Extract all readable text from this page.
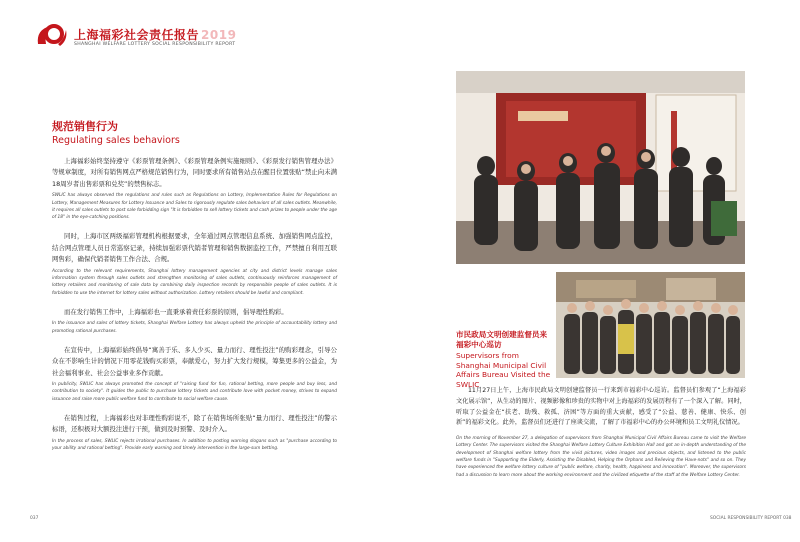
上海福彩社会责任报告 2019
SHANGHAI WELFARE LOTTERY SOCIAL RESPONSIBILITY REPORT
规范销售行为
Regulating sales behaviors

上海福彩始终坚持遵守《彩票管理条例》、《彩票管理条例实施细则》、《彩票发行销售管理办法》等规章制度，对所有销售网点严格规范销售行为，同时要求所有销售站点在醒目位置张贴“禁止向未满18周岁者出售彩票和兑奖”的禁售标志。

SWLIC has always observed the regulations and rules such as Regulations on Lottery, Implementation Rules for Regulations on Lottery, Management Measures for Lottery Issuance and Sales to rigorously regulate sales behaviors of all sales outlets. Meanwhile, it requires all sales outlets to post sale forbidding sign "It is forbidden to sell lottery tickets and cash prizes to people under the age of 18" in the eye-catching positions.

同时，上海市区两级福彩管理机构根据要求，全年通过网点管理信息系统、加强销售网点监控，结合网点管理人员日常巡察记录，持续加强彩票代销者管理和销售数据监控工作，严禁擅自利用互联网售彩，确保代销者销售工作合法、合规。

According to the relevant requirements, Shanghai lottery management agencies at city and district levels manage sales information system through sales outlets and strengthen monitoring of sales outlets, continuously reinforces management of lottery retailers and monitoring of sale data by combining daily inspection records by responsible people of sales outlets. It is forbidden to use the internet for lottery sales without authorization. Lottery retailers should be lawful and compliant.

而在发行销售工作中，上海福彩也一直秉承着责任彩票的原则，倡导理性购彩。

In the issuance and sales of lottery tickets, Shanghai Welfare Lottery has always upheld the principle of accountability lottery and promoting rational purchases.

在宣传中，上海福彩始终倡导“寓善于乐、多人少买、量力而行、理性投注”的购彩理念，引导公众在不影响生计的情况下用零花钱购买彩票，奉献爱心，努力扩大发行规模，筹集更多的公益金，为社会福利事业、社会公益事业多作贡献。

In publicity, SWLIC has always promoted the concept of "raising fund for fun, rational betting, more people and buy less, and contribution to society". It guides the public to purchase lottery tickets and contribute love with pocket money, strives to expand issuance and raise more public welfare fund to contribute to social welfare cause.

在销售过程，上海福彩也对非理性购彩说不，除了在销售场所张贴“量力而行、理性投注”的警示标语，还积极对大额投注进行干预，做到及时预警、及时介入。

In the process of sales, SWLIC rejects irrational purchases. In addition to posting warning slogans such as "purchase according to your ability and rational betting". Provide early warning and timely intervention in the large-sum betting.

市民政局文明创建监督员来福彩中心巡访
Supervisors from Shanghai Municipal Civil Affairs Bureau Visited the SWLIC

11月27日上午，上海市民政局文明创建监督员一行来到市福彩中心巡访。监督员们参观了“上海福彩文化展示馆”，从生动的图片、视频影像和珍贵的实物中对上海福彩的发展历程有了一个深入了解。同时，听取了公益金在“扶老、助残、救孤、济困”等方面的重大贡献，感受了“公益、慈善、健康、快乐、创新”的福彩文化。此外，监督员们还进行了座谈交流，了解了市福彩中心的办公环境和员工文明礼仪情况。

On the morning of November 27, a delegation of supervisors from Shanghai Municipal Civil Affairs Bureau came to visit the Welfare Lottery Center. The supervisors visited the Shanghai Welfare Lottery Culture Exhibition Hall and got an in-depth understanding of the development of Shanghai welfare lottery from the vivid pictures, video images and precious objects, and listened to the public welfare funds in "Supporting the Elderly, Assisting the Disabled, Helping the Orphans and Relieving the Have-nots" and so on. They have experienced the welfare lottery culture of "public welfare, charity, health, happiness and innovation". Moreover, the supervisors had a discussion to learn more about the working environment and the civilized etiquette of the staff at the Welfare Lottery Center.

037	SOCIAL RESPONSIBILITY REPORT 038
